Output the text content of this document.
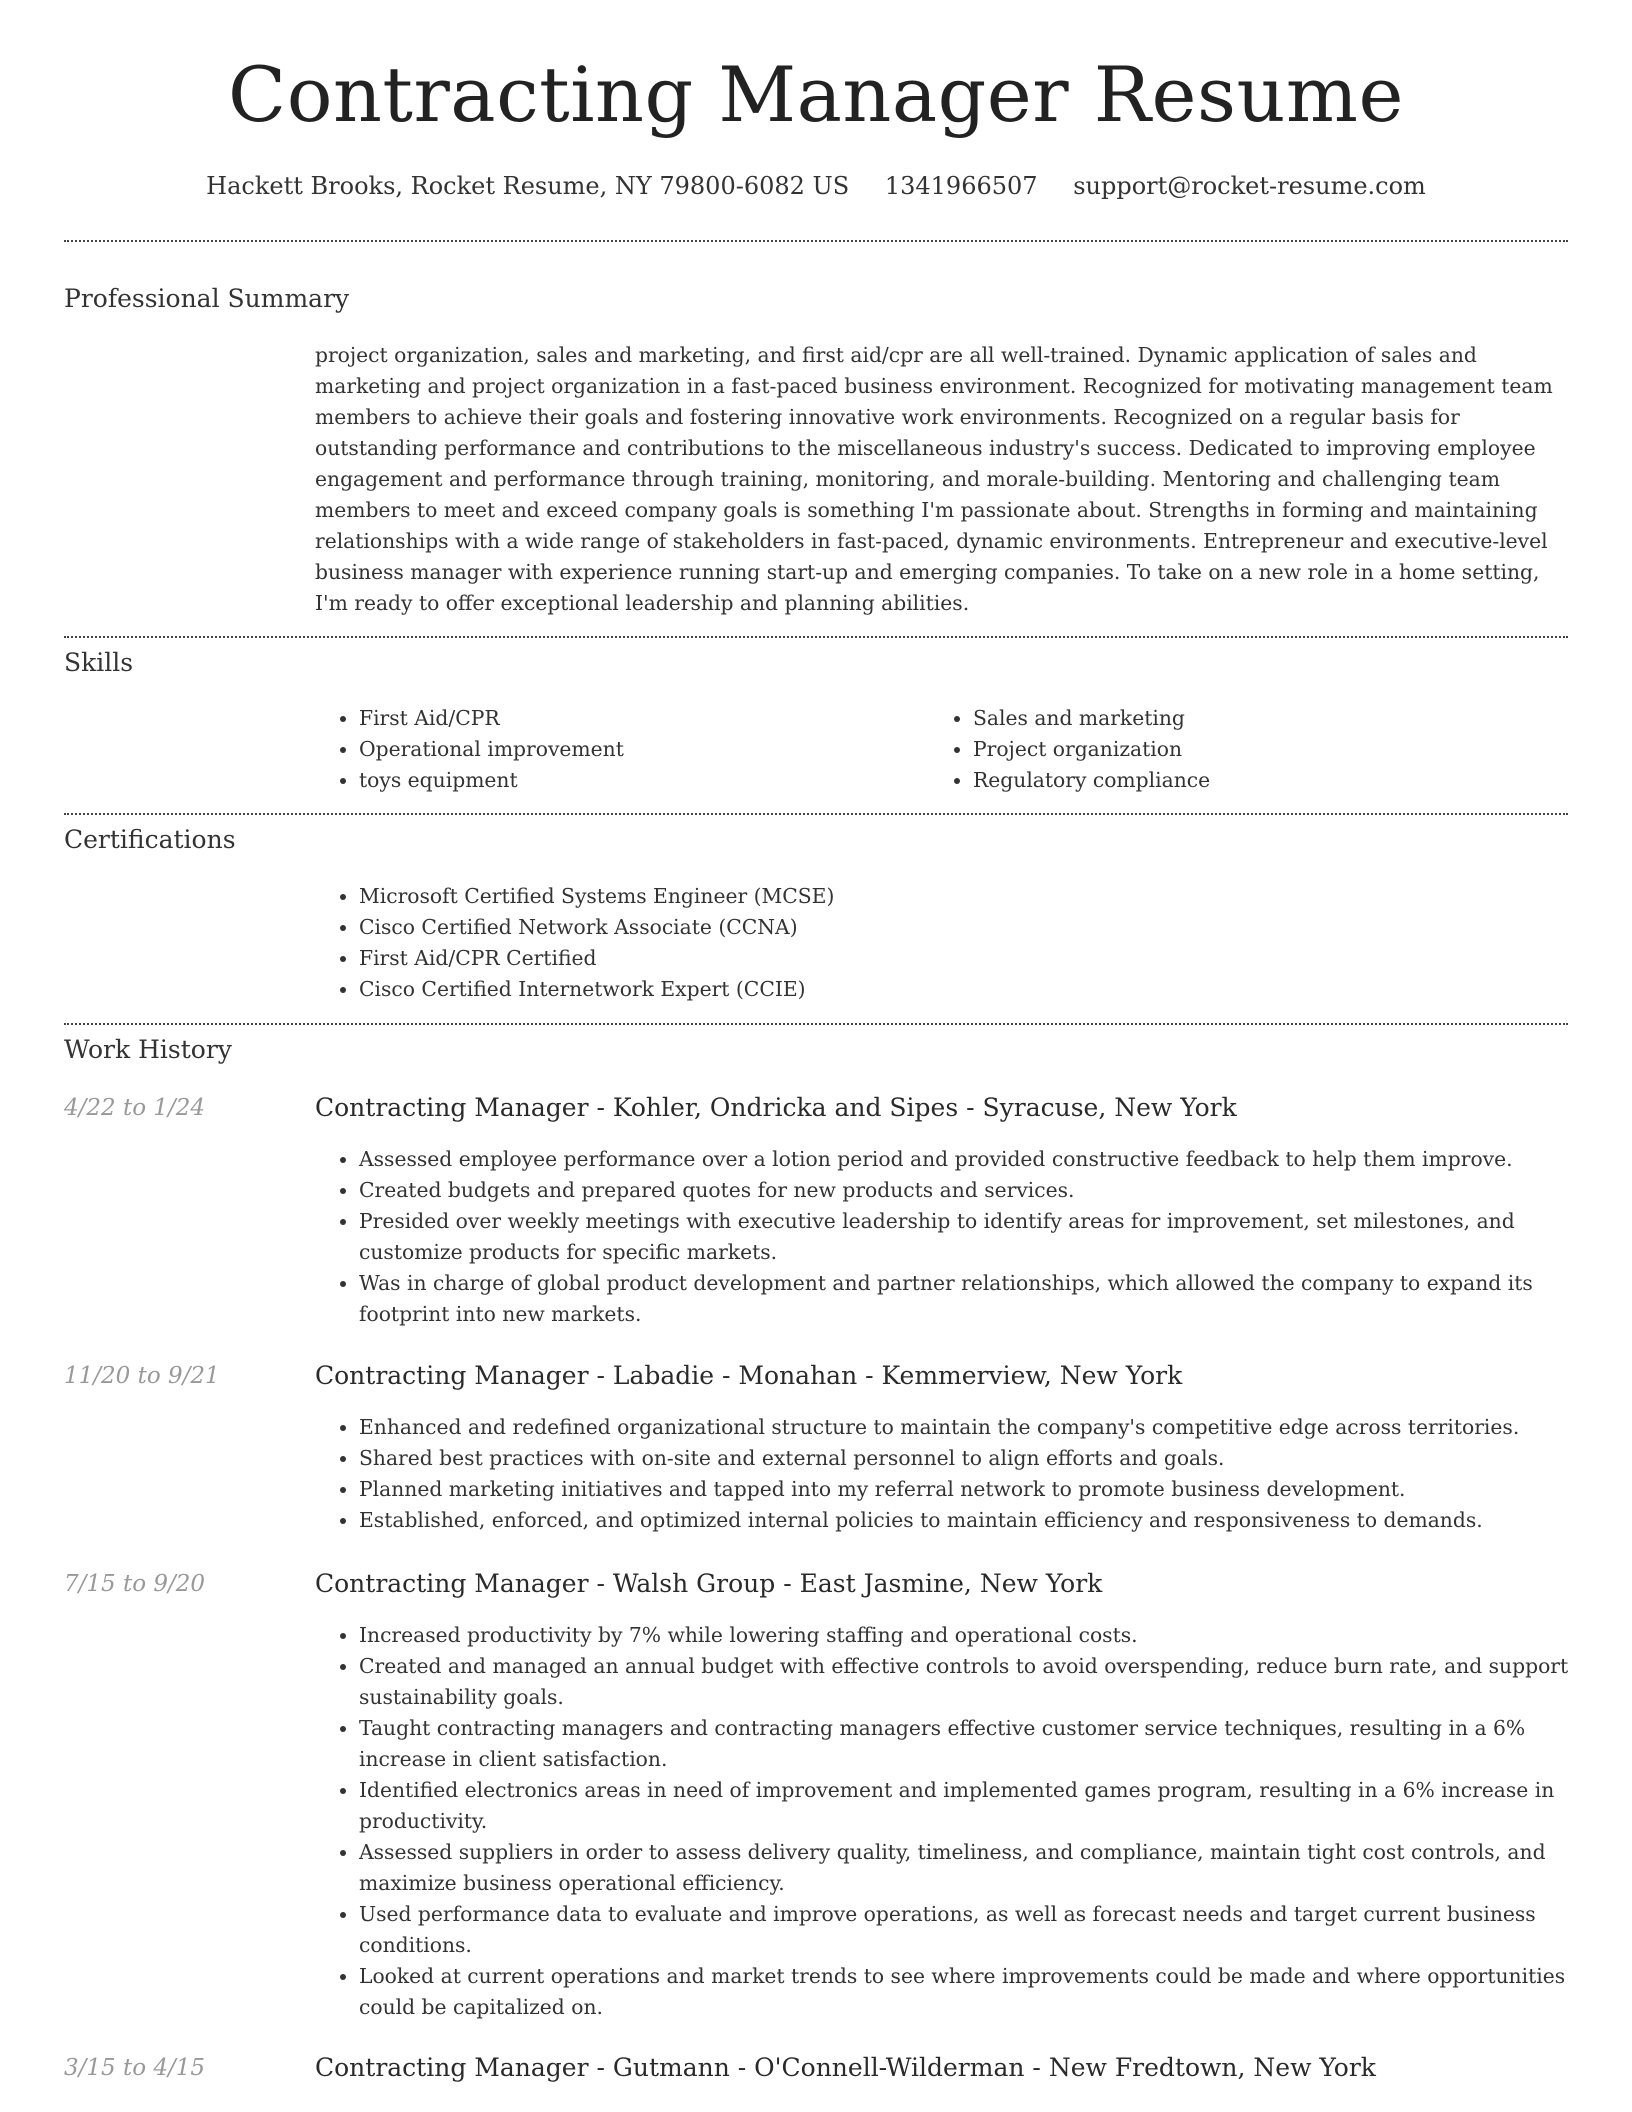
Contracting Manager Resume
Hackett Brooks, Rocket Resume, NY 79800-6082 US 1341966507 support@rocket-resume.com
Professional Summary
project organization, sales and marketing, and first aid/cpr are all well-trained. Dynamic application of sales and marketing and project organization in a fast-paced business environment. Recognized for motivating management team members to achieve their goals and fostering innovative work environments. Recognized on a regular basis for outstanding performance and contributions to the miscellaneous industry's success. Dedicated to improving employee engagement and performance through training, monitoring, and morale-building. Mentoring and challenging team members to meet and exceed company goals is something I'm passionate about. Strengths in forming and maintaining relationships with a wide range of stakeholders in fast-paced, dynamic environments. Entrepreneur and executive-level business manager with experience running start-up and emerging companies. To take on a new role in a home setting, I'm ready to offer exceptional leadership and planning abilities.
Skills
• First Aid/CPR
• Operational improvement
• toys equipment
• Sales and marketing
• Project organization
• Regulatory compliance
Certifications
• Microsoft Certified Systems Engineer (MCSE)
• Cisco Certified Network Associate (CCNA)
• First Aid/CPR Certified
• Cisco Certified Internetwork Expert (CCIE)
Work History
4/22 to 1/24	Contracting Manager - Kohler, Ondricka and Sipes - Syracuse, New York
• Assessed employee performance over a lotion period and provided constructive feedback to help them improve.
• Created budgets and prepared quotes for new products and services.
• Presided over weekly meetings with executive leadership to identify areas for improvement, set milestones, and customize products for specific markets.
• Was in charge of global product development and partner relationships, which allowed the company to expand its footprint into new markets.
11/20 to 9/21	Contracting Manager - Labadie - Monahan - Kemmerview, New York
• Enhanced and redefined organizational structure to maintain the company's competitive edge across territories.
• Shared best practices with on-site and external personnel to align efforts and goals.
• Planned marketing initiatives and tapped into my referral network to promote business development.
• Established, enforced, and optimized internal policies to maintain efficiency and responsiveness to demands.
7/15 to 9/20	Contracting Manager - Walsh Group - East Jasmine, New York
• Increased productivity by 7% while lowering staffing and operational costs.
• Created and managed an annual budget with effective controls to avoid overspending, reduce burn rate, and support sustainability goals.
• Taught contracting managers and contracting managers effective customer service techniques, resulting in a 6% increase in client satisfaction.
• Identified electronics areas in need of improvement and implemented games program, resulting in a 6% increase in productivity.
• Assessed suppliers in order to assess delivery quality, timeliness, and compliance, maintain tight cost controls, and maximize business operational efficiency.
• Used performance data to evaluate and improve operations, as well as forecast needs and target current business conditions.
• Looked at current operations and market trends to see where improvements could be made and where opportunities could be capitalized on.
3/15 to 4/15	Contracting Manager - Gutmann - O'Connell-Wilderman - New Fredtown, New York
